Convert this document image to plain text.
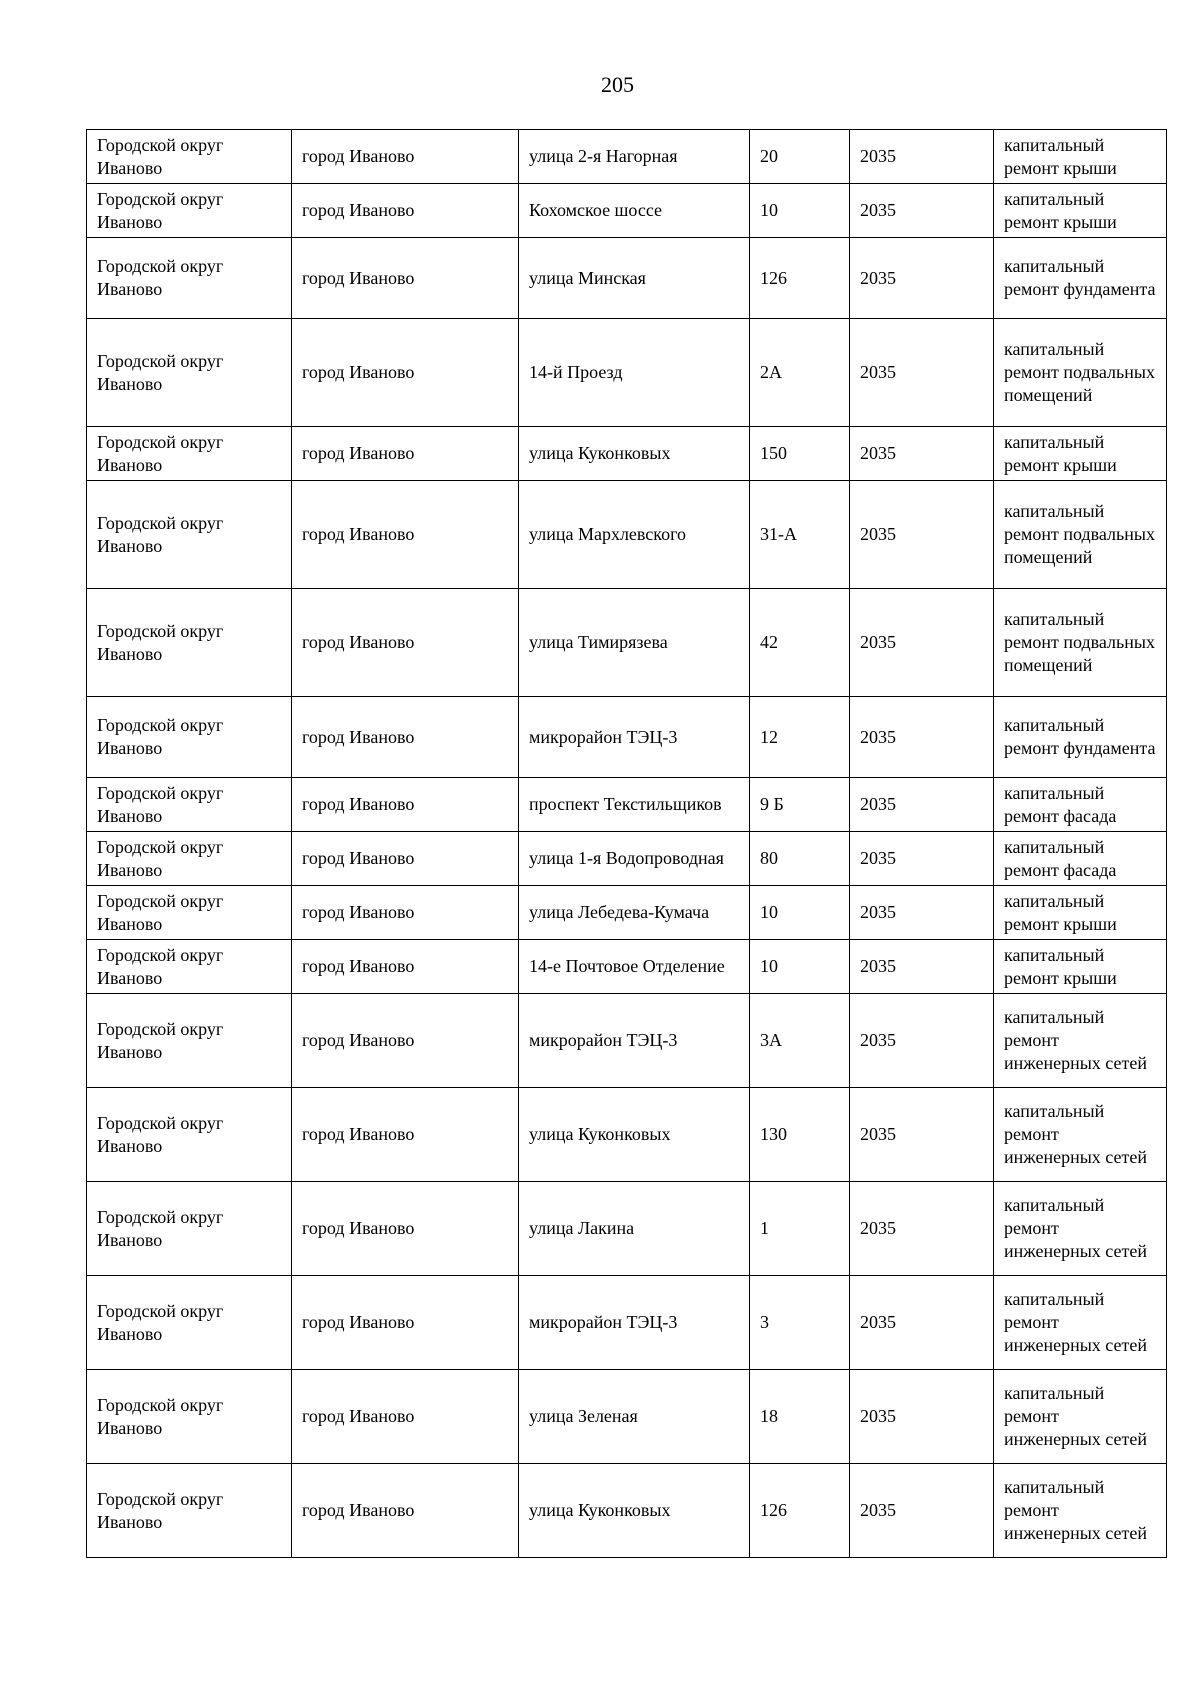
205
Городской округ Иваново	город Иваново	улица 2-я Нагорная	20	2035	капитальный ремонт крыши
Городской округ Иваново	город Иваново	Кохомское шоссе	10	2035	капитальный ремонт крыши
Городской округ Иваново	город Иваново	улица Минская	126	2035	капитальный ремонт фундамента
Городской округ Иваново	город Иваново	14-й Проезд	2А	2035	капитальный ремонт подвальных помещений
Городской округ Иваново	город Иваново	улица Куконковых	150	2035	капитальный ремонт крыши
Городской округ Иваново	город Иваново	улица Мархлевского	31-А	2035	капитальный ремонт подвальных помещений
Городской округ Иваново	город Иваново	улица Тимирязева	42	2035	капитальный ремонт подвальных помещений
Городской округ Иваново	город Иваново	микрорайон ТЭЦ-3	12	2035	капитальный ремонт фундамента
Городской округ Иваново	город Иваново	проспект Текстильщиков	9 Б	2035	капитальный ремонт фасада
Городской округ Иваново	город Иваново	улица 1-я Водопроводная	80	2035	капитальный ремонт фасада
Городской округ Иваново	город Иваново	улица Лебедева-Кумача	10	2035	капитальный ремонт крыши
Городской округ Иваново	город Иваново	14-е Почтовое Отделение	10	2035	капитальный ремонт крыши
Городской округ Иваново	город Иваново	микрорайон ТЭЦ-3	3А	2035	капитальный ремонт инженерных сетей
Городской округ Иваново	город Иваново	улица Куконковых	130	2035	капитальный ремонт инженерных сетей
Городской округ Иваново	город Иваново	улица Лакина	1	2035	капитальный ремонт инженерных сетей
Городской округ Иваново	город Иваново	микрорайон ТЭЦ-3	3	2035	капитальный ремонт инженерных сетей
Городской округ Иваново	город Иваново	улица Зеленая	18	2035	капитальный ремонт инженерных сетей
Городской округ Иваново	город Иваново	улица Куконковых	126	2035	капитальный ремонт инженерных сетей
